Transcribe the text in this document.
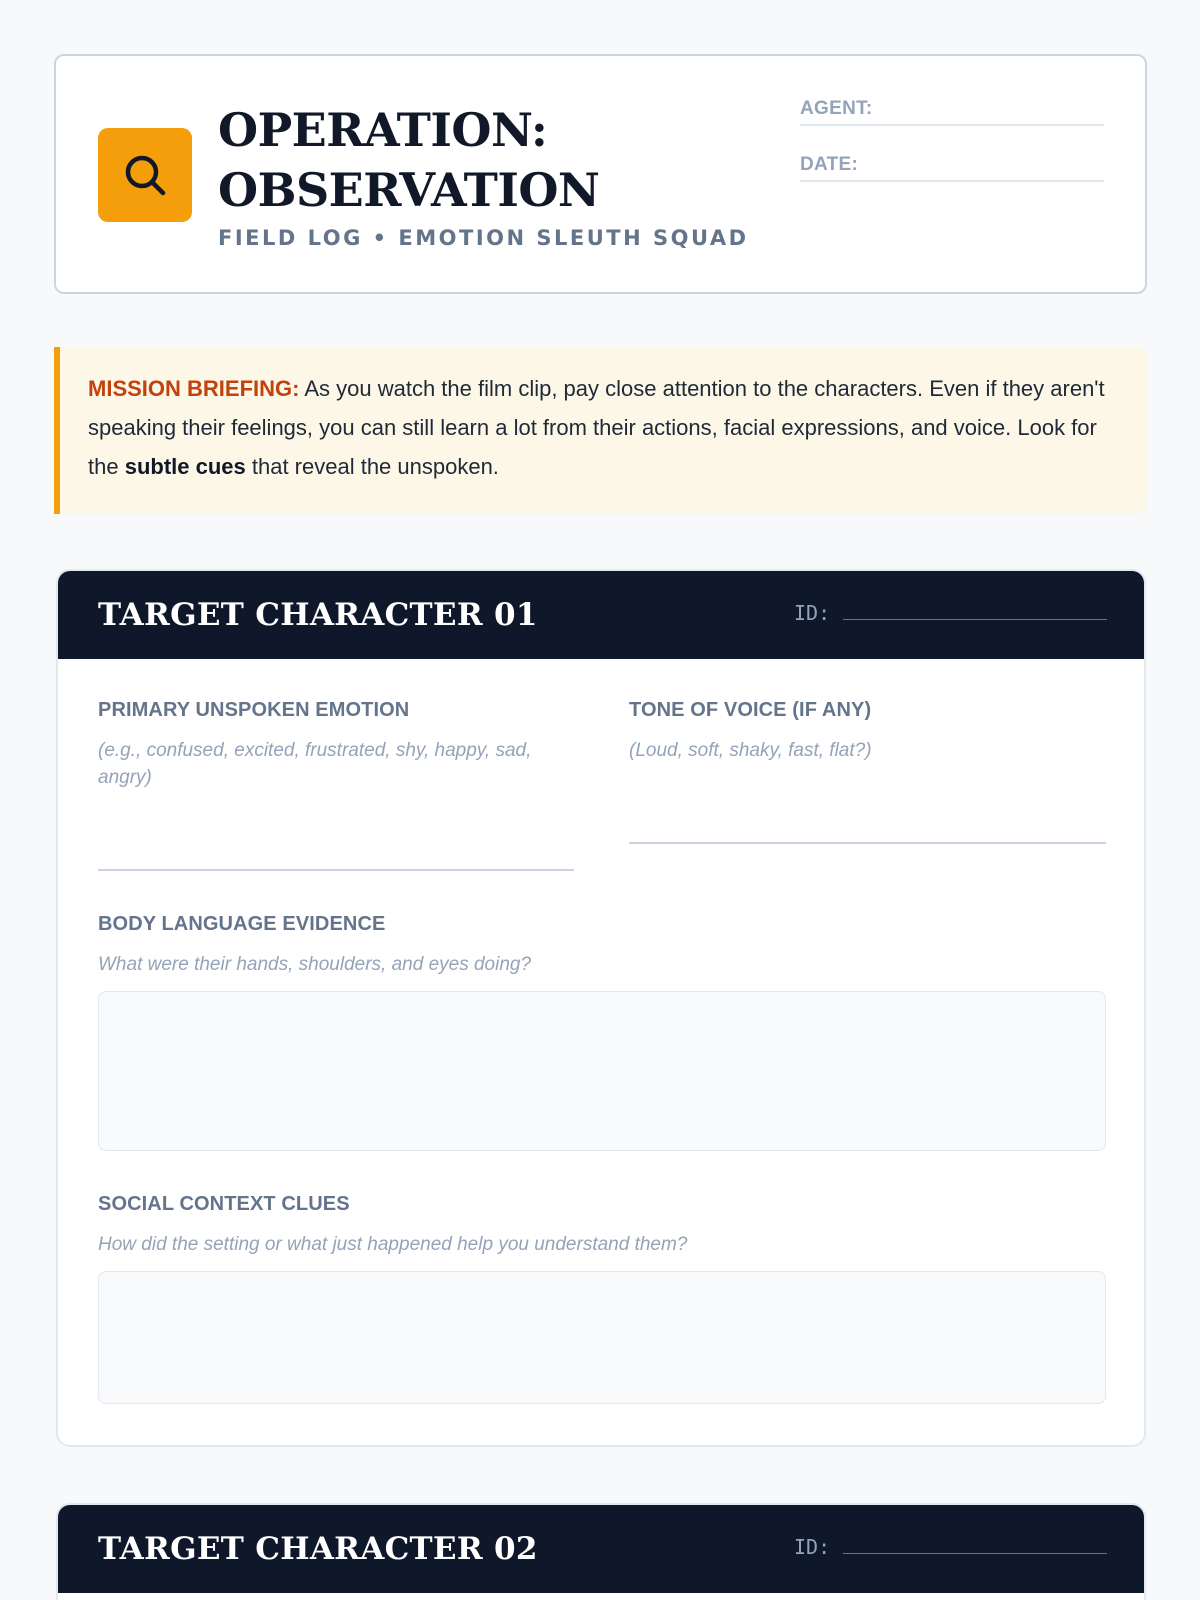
OPERATION:
OBSERVATION
FIELD LOG • EMOTION SLEUTH SQUAD
AGENT:
DATE:
MISSION BRIEFING: As you watch the film clip, pay close attention to the characters. Even if they aren't speaking their feelings, you can still learn a lot from their actions, facial expressions, and voice. Look for the subtle cues that reveal the unspoken.
TARGET CHARACTER 01	ID:
PRIMARY UNSPOKEN EMOTION
(e.g., confused, excited, frustrated, shy, happy, sad, angry)
TONE OF VOICE (IF ANY)
(Loud, soft, shaky, fast, flat?)
BODY LANGUAGE EVIDENCE
What were their hands, shoulders, and eyes doing?
SOCIAL CONTEXT CLUES
How did the setting or what just happened help you understand them?
TARGET CHARACTER 02	ID:
